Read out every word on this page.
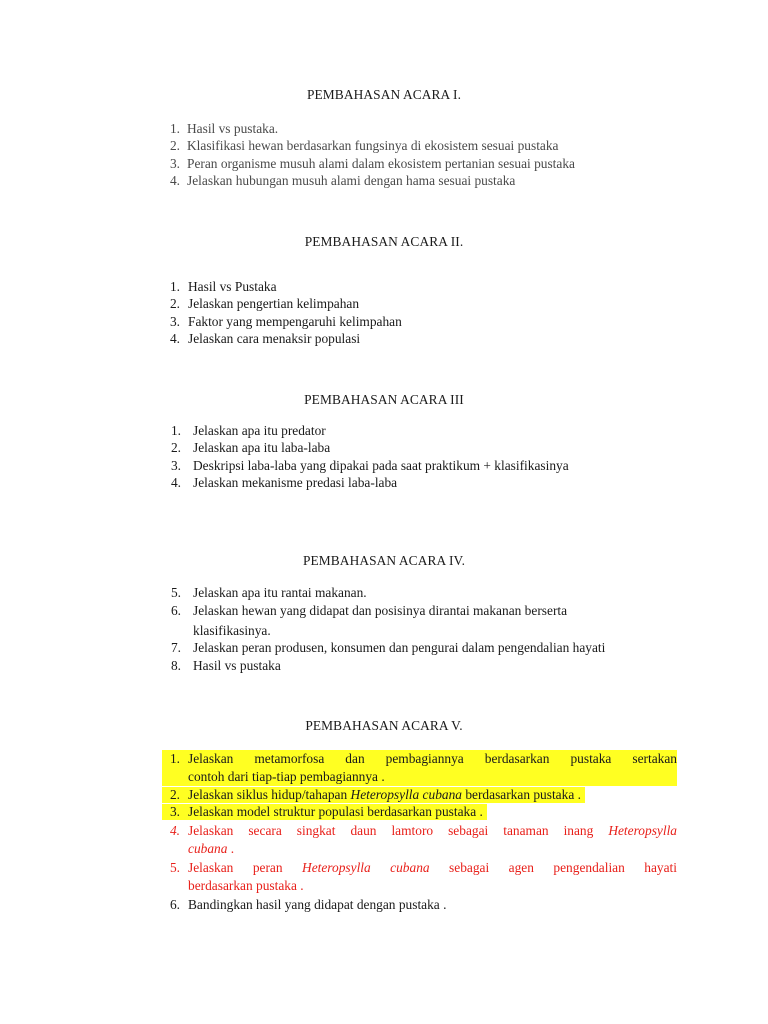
PEMBAHASAN ACARA I.
1. Hasil vs pustaka.
2. Klasifikasi hewan berdasarkan fungsinya di ekosistem sesuai pustaka
3. Peran organisme musuh alami dalam ekosistem pertanian sesuai pustaka
4. Jelaskan hubungan musuh alami dengan hama sesuai pustaka
PEMBAHASAN ACARA II.
1. Hasil vs Pustaka
2. Jelaskan pengertian kelimpahan
3. Faktor yang mempengaruhi kelimpahan
4. Jelaskan cara menaksir populasi
PEMBAHASAN ACARA III
1. Jelaskan apa itu predator
2. Jelaskan apa itu laba-laba
3. Deskripsi laba-laba yang dipakai pada saat praktikum + klasifikasinya
4. Jelaskan mekanisme predasi laba-laba
PEMBAHASAN ACARA IV.
5. Jelaskan apa itu rantai makanan.
6. Jelaskan hewan yang didapat dan posisinya dirantai makanan berserta
klasifikasinya.
7. Jelaskan peran produsen, konsumen dan pengurai dalam pengendalian hayati
8. Hasil vs pustaka
PEMBAHASAN ACARA V.
1. Jelaskan metamorfosa dan pembagiannya berdasarkan pustaka sertakan
contoh dari tiap-tiap pembagiannya .
2. Jelaskan siklus hidup/tahapan Heteropsylla cubana berdasarkan pustaka .

3. Jelaskan model struktur populasi berdasarkan pustaka .
4. Jelaskan secara singkat daun lamtoro sebagai tanaman inang Heteropsylla
cubana .
5. Jelaskan peran Heteropsylla cubana sebagai agen pengendalian hayati
berdasarkan pustaka .
6. Bandingkan hasil yang didapat dengan pustaka .
